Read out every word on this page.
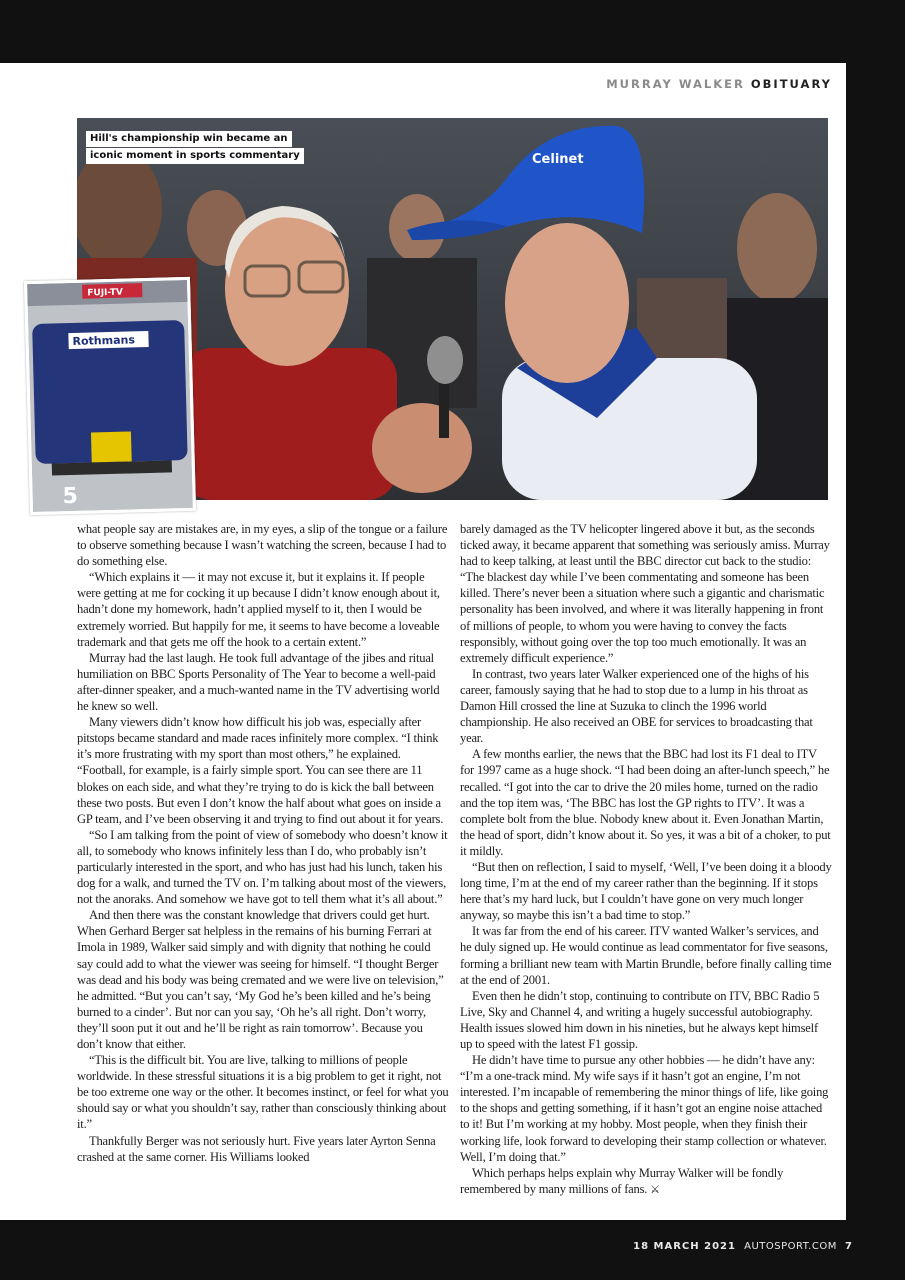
MURRAY WALKER OBITUARY
Celinet
Hill's championship win became an
iconic moment in sports commentary
FUJI-TV
Rothmans
5

what people say are mistakes are, in my eyes, a slip of the tongue or a failure to observe something because I wasn’t watching the screen, because I had to do something else.

“Which explains it — it may not excuse it, but it explains it. If people were getting at me for cocking it up because I didn’t know enough about it, hadn’t done my homework, hadn’t applied myself to it, then I would be extremely worried. But happily for me, it seems to have become a loveable trademark and that gets me off the hook to a certain extent.”

Murray had the last laugh. He took full advantage of the jibes and ritual humiliation on BBC Sports Personality of The Year to become a well-paid after-dinner speaker, and a much-wanted name in the TV advertising world he knew so well.

Many viewers didn’t know how difficult his job was, especially after pitstops became standard and made races infinitely more complex. “I think it’s more frustrating with my sport than most others,” he explained. “Football, for example, is a fairly simple sport. You can see there are 11 blokes on each side, and what they’re trying to do is kick the ball between these two posts. But even I don’t know the half about what goes on inside a GP team, and I’ve been observing it and trying to find out about it for years.

“So I am talking from the point of view of somebody who doesn’t know it all, to somebody who knows infinitely less than I do, who probably isn’t particularly interested in the sport, and who has just had his lunch, taken his dog for a walk, and turned the TV on. I’m talking about most of the viewers, not the anoraks. And somehow we have got to tell them what it’s all about.”

And then there was the constant knowledge that drivers could get hurt. When Gerhard Berger sat helpless in the remains of his burning Ferrari at Imola in 1989, Walker said simply and with dignity that nothing he could say could add to what the viewer was seeing for himself. “I thought Berger was dead and his body was being cremated and we were live on television,” he admitted. “But you can’t say, ‘My God he’s been killed and he’s being burned to a cinder’. But nor can you say, ‘Oh he’s all right. Don’t worry, they’ll soon put it out and he’ll be right as rain tomorrow’. Because you don’t know that either.

“This is the difficult bit. You are live, talking to millions of people worldwide. In these stressful situations it is a big problem to get it right, not be too extreme one way or the other. It becomes instinct, or feel for what you should say or what you shouldn’t say, rather than consciously thinking about it.”

Thankfully Berger was not seriously hurt. Five years later Ayrton Senna crashed at the same corner. His Williams looked

barely damaged as the TV helicopter lingered above it but, as the seconds ticked away, it became apparent that something was seriously amiss. Murray had to keep talking, at least until the BBC director cut back to the studio: “The blackest day while I’ve been commentating and someone has been killed. There’s never been a situation where such a gigantic and charismatic personality has been involved, and where it was literally happening in front of millions of people, to whom you were having to convey the facts responsibly, without going over the top too much emotionally. It was an extremely difficult experience.”

In contrast, two years later Walker experienced one of the highs of his career, famously saying that he had to stop due to a lump in his throat as Damon Hill crossed the line at Suzuka to clinch the 1996 world championship. He also received an OBE for services to broadcasting that year.

A few months earlier, the news that the BBC had lost its F1 deal to ITV for 1997 came as a huge shock. “I had been doing an after-lunch speech,” he recalled. “I got into the car to drive the 20 miles home, turned on the radio and the top item was, ‘The BBC has lost the GP rights to ITV’. It was a complete bolt from the blue. Nobody knew about it. Even Jonathan Martin, the head of sport, didn’t know about it. So yes, it was a bit of a choker, to put it mildly.

“But then on reflection, I said to myself, ‘Well, I’ve been doing it a bloody long time, I’m at the end of my career rather than the beginning. If it stops here that’s my hard luck, but I couldn’t have gone on very much longer anyway, so maybe this isn’t a bad time to stop.”

It was far from the end of his career. ITV wanted Walker’s services, and he duly signed up. He would continue as lead commentator for five seasons, forming a brilliant new team with Martin Brundle, before finally calling time at the end of 2001.

Even then he didn’t stop, continuing to contribute on ITV, BBC Radio 5 Live, Sky and Channel 4, and writing a hugely successful autobiography. Health issues slowed him down in his nineties, but he always kept himself up to speed with the latest F1 gossip.

He didn’t have time to pursue any other hobbies — he didn’t have any: “I’m a one-track mind. My wife says if it hasn’t got an engine, I’m not interested. I’m incapable of remembering the minor things of life, like going to the shops and getting something, if it hasn’t got an engine noise attached to it! But I’m working at my hobby. Most people, when they finish their working life, look forward to developing their stamp collection or whatever. Well, I’m doing that.”

Which perhaps helps explain why Murray Walker will be fondly remembered by many millions of fans. ⚔

18 MARCH 2021 AUTOSPORT.COM 7
